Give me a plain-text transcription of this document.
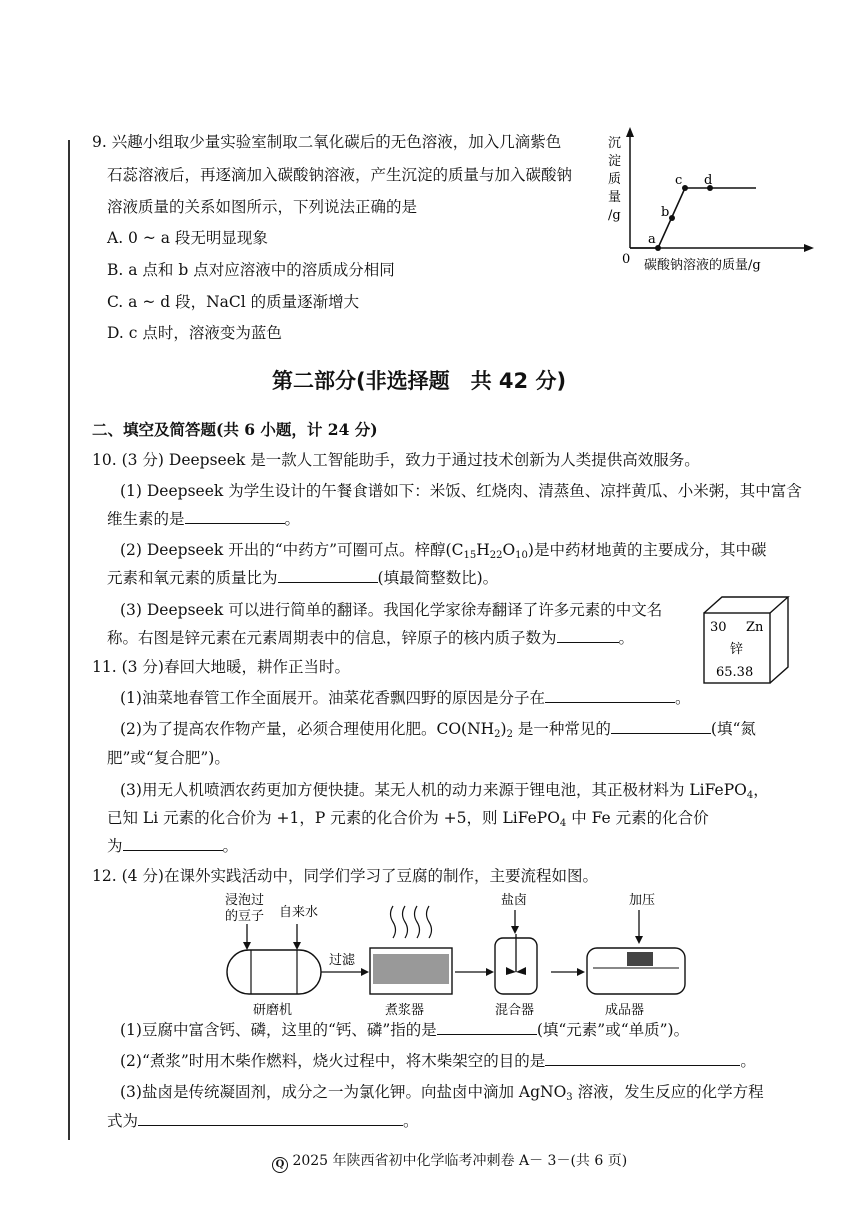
9. 兴趣小组取少量实验室制取二氧化碳后的无色溶液，加入几滴紫色
石蕊溶液后，再逐滴加入碳酸钠溶液，产生沉淀的质量与加入碳酸钠
溶液质量的关系如图所示，下列说法正确的是
A. 0 ~ a 段无明显现象
B. a 点和 b 点对应溶液中的溶质成分相同
C. a ~ d 段，NaCl 的质量逐渐增大
D. c 点时，溶液变为蓝色
沉
淀
质
量
/g
0
a
b
c d
碳酸钠溶液的质量/g
第二部分(非选择题　共 42 分)
二、填空及简答题(共 6 小题，计 24 分)
10. (3 分) Deepseek 是一款人工智能助手，致力于通过技术创新为人类提供高效服务。
(1) Deepseek 为学生设计的午餐食谱如下：米饭、红烧肉、清蒸鱼、凉拌黄瓜、小米粥，其中富含
维生素的是	。
(2) Deepseek 开出的“中药方”可圈可点。梓醇$(C_{15}H_{22}O_{10})$是中药材地黄的主要成分，其中碳
元素和氧元素的质量比为	(填最简整数比)。
(3) Deepseek 可以进行简单的翻译。我国化学家徐寿翻译了许多元素的中文名
称。右图是锌元素在元素周期表中的信息，锌原子的核内质子数为	。
30 Zn
锌
65.38
11. (3 分)春回大地暖，耕作正当时。
(1)油菜地春管工作全面展开。油菜花香飘四野的原因是分子在	。
(2)为了提高农作物产量，必须合理使用化肥。$CO(NH_2)_2$ 是一种常见的	(填“氮
肥”或“复合肥”)。
(3)用无人机喷洒农药更加方便快捷。某无人机的动力来源于锂电池，其正极材料为 LiFePO$_4$，
已知 Li 元素的化合价为 +1，P 元素的化合价为 +5，则 LiFePO$_4$ 中 Fe 元素的化合价
为	。
12. (4 分)在课外实践活动中，同学们学习了豆腐的制作，主要流程如图。
浸泡过
的豆子 自来水
研磨机
过滤
煮浆器
盐卤
混合器
加压
成品器
(1)豆腐中富含钙、磷，这里的“钙、磷”指的是	(填“元素”或“单质”)。
(2)“煮浆”时用木柴作燃料，烧火过程中，将木柴架空的目的是	。
(3)盐卤是传统凝固剂，成分之一为氯化钾。向盐卤中滴加 AgNO$_3$ 溶液，发生反应的化学方程
式为	。
Q 2025 年陕西省初中化学临考冲刺卷 A－ 3－(共 6 页)
